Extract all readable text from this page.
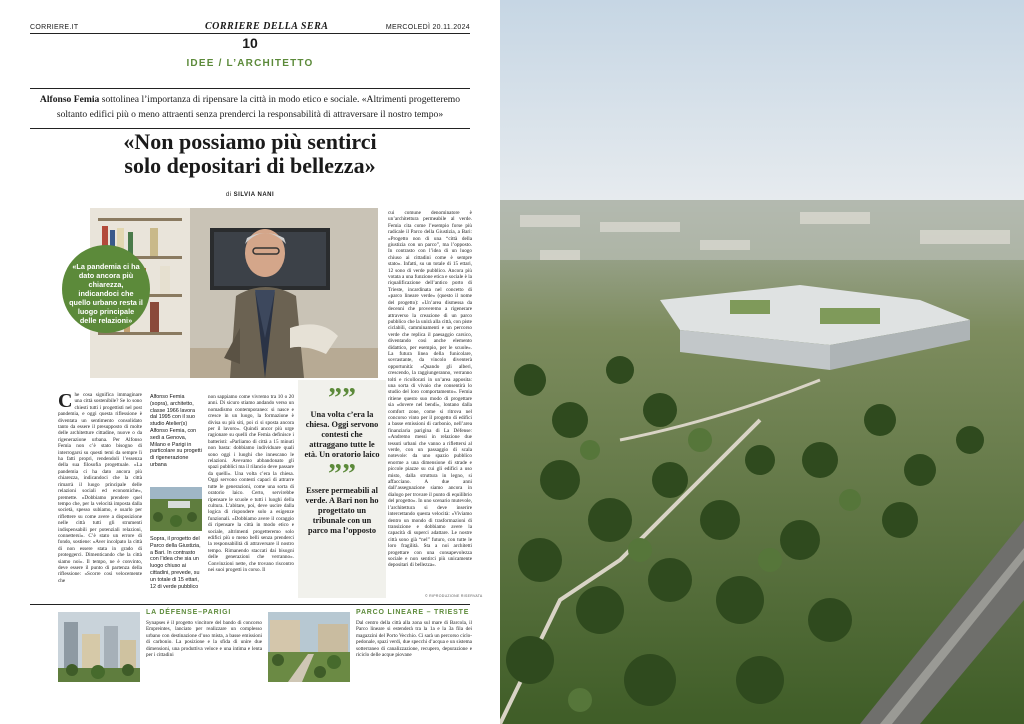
CORRIERE.IT	CORRIERE DELLA SERA	MERCOLEDÌ 20.11.2024
10
IDEE / L’ARCHITETTO
Alfonso Femia sottolinea l’importanza di ripensare la città in modo etico e sociale. «Altrimenti progetteremo
soltanto edifici più o meno attraenti senza prenderci la responsabilità di attraversare il nostro tempo»
«Non possiamo più sentirci
solo depositari di bellezza»
di SILVIA NANI
«La pandemia ci ha dato ancora più chiarezza, indicandoci che quello urbano resta il luogo principale delle relazioni»
C he cosa significa immaginare una città sostenibile? Se lo sono chiesti tutti i progettisti nel post pandemia, e oggi questa riflessione è diventata un sentimento consolidato tanto da essere il presupposto di molte delle architetture cittadine, nuove o da rigenerazione urbana. Per Alfonso Femia non c’è stato bisogno di interrogarsi su questi temi da sempre lì ha fatti propri, rendendoli l’essenza della sua filosofia progettuale. «La pandemia ci ha dato ancora più chiarezza, indicandoci che la città rimarrà il luogo principale delle relazioni sociali ed economiche», premette. «Dobbiamo prendere quel tempo che, per la velocità imposta dalla società, spesso subiamo, e usarlo per riflettere su come avere a disposizione nelle città tutti gli strumenti indispensabili per potenziali relazioni, connettersi». C’è stato un errore di fondo, sostiene: «Aver incolpato la città di non essere stata in grado di proteggerci. Dimenticando che la città siamo noi». Il tempo, ne è convinto, deve essere il punto di partenza della riflessione: «Scorre così velocemente che
Alfonso Femia (sopra), architetto, classe 1966 lavora dal 1995 con il suo studio Atelier(s) Alfonso Femia, con sedi a Genova, Milano e Parigi in particolare su progetti di rigenerazione urbana
Sopra, il progetto del Parco della Giustizia, a Bari. In contrasto con l’idea che sia un luogo chiuso ai cittadini, prevede, su un totale di 15 ettari, 12 di verde pubblico
non sappiamo come vivremo tra 10 o 20 anni. Di sicuro stiamo andando verso un nomadismo contemporaneo: si nasce e cresce in un luogo, la formazione è divisa su più siti, poi ci si sposta ancora per il lavoro». Quindi ancor più urge ragionare su quelli che Femia definisce i batteristi: «Parliamo di città a 15 minuti non basta: dobbiamo individuare quali sono oggi i luoghi che innescano le relazioni. Avevamo abbandonato gli spazi pubblici ma il rilancio deve passare da quelli». Una volta c’era la chiesa. Oggi servono contesti capaci di attrarre tutte le generazioni, come una sorta di oratorio laico. Certo, servirebbe ripensare le scuole e tutti i luoghi della cultura. L’abitare, poi, deve uscire dalla logica di rispondere solo a esigenze funzionali. «Dobbiamo avere il coraggio di ripensare la città in modo etico e sociale, altrimenti progetteremo solo edifici più o meno belli senza prenderci la responsabilità di attraversare il nostro tempo. Rimanendo staccati dai bisogni delle generazioni che verranno». Convinzioni nette, che trovano riscontro nei suoi progetti in corso. Il
””
Una volta c’era la chiesa. Oggi servono contesti che attraggano tutte le età. Un oratorio laico
””
Essere permeabili al verde. A Bari non ho progettato un tribunale con un parco ma l’opposto
cui comune denominatore è un’architettura permeabile al verde. Femia cita come l’esempio forse più radicale il Parco della Giustizia, a Bari: «Progetto non di una “città della giustizia con un parco”, ma l’opposto. In contrasto con l’idea di un luogo chiuso ai cittadini come è sempre stato». Infatti, su un totale di 15 ettari, 12 sono di verde pubblico. Ancora più votata a una funzione etica e sociale è la riqualificazione dell’antico porto di Trieste, incardinata nel concetto di «parco lineare verde» (questo il nome del progetto): «Un’area dismessa da decenni che proveremo a rigenerare attraverso la creazione di un parco pubblico che la unirà alla città, con piste ciclabili, camminamenti e un percorso verde che replica il paesaggio carsico, diventando così anche elemento didattico, per esempio, per le scuole». La futura linea della funicolare, sovrastante, da vincolo diventerà opportunità: «Quando gli alberi, crescendo, la raggiungeranno, verranno tolti e ricollocati in un’area apposita: una sorta di vivaio che consentirà lo studio del loro comportamento». Femia ritiene questo suo modo di progettare sia «dovere nel bendi», lontano dalla comfort zone, come si ritrova nel concorso vinto per il progetto di edifici a basse emissioni di carbonio, nell’area finanziaria parigina di La Défense: «Andremo messi in relazione due tessuti urbani che vanno a riflettersi al verde, con un passaggio di scala notevole: da uno spazio pubblico enorme a una dimensione di strade e piccole piazze su cui gli edifici a uso misto, dalla struttura in legno, si affacciano. A due anni dall’assegnazione siamo ancora in dialogo per trovare il punto di equilibrio del progetto». In uno scenario mutevole, l’architettura si deve inserire intercettando questa velocità: «Viviamo dentro un mondo di trasformazioni di transizione e dobbiamo avere la capacità di superci adattare. Le nostre città sono già “nel” futuro, con tutte le loro fragilità. Sta a noi architetti progettare con una consapevolezza sociale e non sentirci più unicamente depositari di bellezza».
© RIPRODUZIONE RISERVATA
LA DÉFENSE–PARIGI
Synapses è il progetto vincitore del bando di concorso Empreintes, lanciato per realizzare un complesso urbano con destinazione d’uso mista, a basse emissioni di carbonio. La posizione e la sfida di unire due dimensioni, una produttiva veloce e una intima e lenta per i cittadini
PARCO LINEARE – TRIESTE
Dal centro della città alla zona sul mare di Barcola, il Parco lineare si estenderà tra la 1a e la 3a fila dei magazzini del Porto Vecchio. Ci sarà un percorso ciclo-pedonale, spazi verdi, due specchi d’acqua e un sistema sotterraneo di canalizzazione, recupero, depurazione e riciclo delle acque piovane
